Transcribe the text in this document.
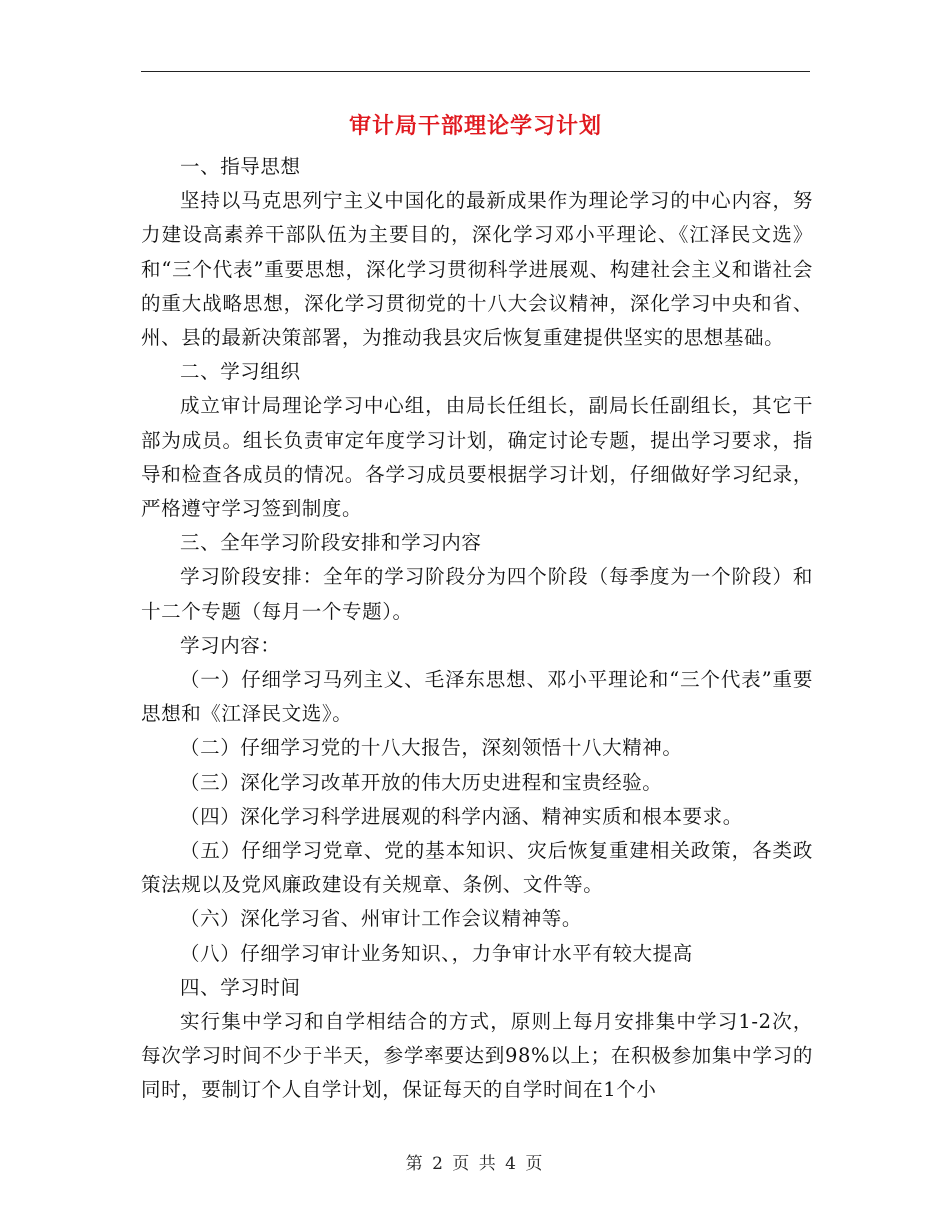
审计局干部理论学习计划

一、指导思想

坚持以马克思列宁主义中国化的最新成果作为理论学习的中心内容，努力建设高素养干部队伍为主要目的，深化学习邓小平理论、《江泽民文选》和“三个代表”重要思想，深化学习贯彻科学进展观、构建社会主义和谐社会的重大战略思想，深化学习贯彻党的十八大会议精神，深化学习中央和省、州、县的最新决策部署，为推动我县灾后恢复重建提供坚实的思想基础。

二、学习组织

成立审计局理论学习中心组，由局长任组长，副局长任副组长，其它干部为成员。组长负责审定年度学习计划，确定讨论专题，提出学习要求，指导和检查各成员的情况。各学习成员要根据学习计划，仔细做好学习纪录，严格遵守学习签到制度。

三、全年学习阶段安排和学习内容

学习阶段安排：全年的学习阶段分为四个阶段（每季度为一个阶段）和十二个专题（每月一个专题）。

学习内容：

（一）仔细学习马列主义、毛泽东思想、邓小平理论和“三个代表”重要思想和《江泽民文选》。

（二）仔细学习党的十八大报告，深刻领悟十八大精神。

（三）深化学习改革开放的伟大历史进程和宝贵经验。

（四）深化学习科学进展观的科学内涵、精神实质和根本要求。

（五）仔细学习党章、党的基本知识、灾后恢复重建相关政策，各类政策法规以及党风廉政建设有关规章、条例、文件等。

（六）深化学习省、州审计工作会议精神等。

（八）仔细学习审计业务知识、，力争审计水平有较大提高

四、学习时间

实行集中学习和自学相结合的方式，原则上每月安排集中学习1-2次，每次学习时间不少于半天，参学率要达到98%以上；在积极参加集中学习的同时，要制订个人自学计划，保证每天的自学时间在1个小

第 2 页 共 4 页
